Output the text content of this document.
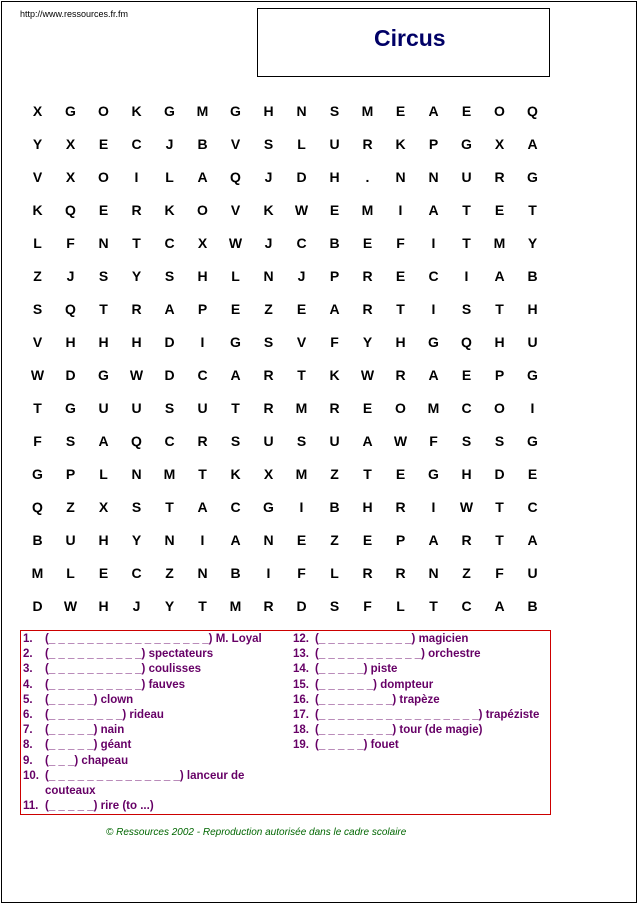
http://www.ressources.fr.fm
Circus
X	G	O	K	G	M	G	H	N	S	M	E	A	E	O	Q
Y	X	E	C	J	B	V	S	L	U	R	K	P	G	X	A
V	X	O	I	L	A	Q	J	D	H	.	N	N	U	R	G
K	Q	E	R	K	O	V	K	W	E	M	I	A	T	E	T
L	F	N	T	C	X	W	J	C	B	E	F	I	T	M	Y
Z	J	S	Y	S	H	L	N	J	P	R	E	C	I	A	B
S	Q	T	R	A	P	E	Z	E	A	R	T	I	S	T	H
V	H	H	H	D	I	G	S	V	F	Y	H	G	Q	H	U
W	D	G	W	D	C	A	R	T	K	W	R	A	E	P	G
T	G	U	U	S	U	T	R	M	R	E	O	M	C	O	I
F	S	A	Q	C	R	S	U	S	U	A	W	F	S	S	G
G	P	L	N	M	T	K	X	M	Z	T	E	G	H	D	E
Q	Z	X	S	T	A	C	G	I	B	H	R	I	W	T	C
B	U	H	Y	N	I	A	N	E	Z	E	P	A	R	T	A
M	L	E	C	Z	N	B	I	F	L	R	R	N	Z	F	U
D	W	H	J	Y	T	M	R	D	S	F	L	T	C	A	B
1. (_ _ _ _ _ _ _ _ _ _ _ _ _ _ _ _ _) M. Loyal
2. (_ _ _ _ _ _ _ _ _ _) spectateurs
3. (_ _ _ _ _ _ _ _ _ _) coulisses
4. (_ _ _ _ _ _ _ _ _ _) fauves
5. (_ _ _ _ _) clown
6. (_ _ _ _ _ _ _ _) rideau
7. (_ _ _ _ _) nain
8. (_ _ _ _ _) géant
9. (_ _ _) chapeau
10. (_ _ _ _ _ _ _ _ _ _ _ _ _ _) lanceur de
couteaux
11. (_ _ _ _ _) rire (to ...)
12. (_ _ _ _ _ _ _ _ _ _) magicien
13. (_ _ _ _ _ _ _ _ _ _ _) orchestre
14. (_ _ _ _ _) piste
15. (_ _ _ _ _ _) dompteur
16. (_ _ _ _ _ _ _ _) trapèze
17. (_ _ _ _ _ _ _ _ _ _ _ _ _ _ _ _ _) trapéziste
18. (_ _ _ _ _ _ _ _) tour (de magie)
19. (_ _ _ _ _) fouet
© Ressources 2002 - Reproduction autorisée dans le cadre scolaire
